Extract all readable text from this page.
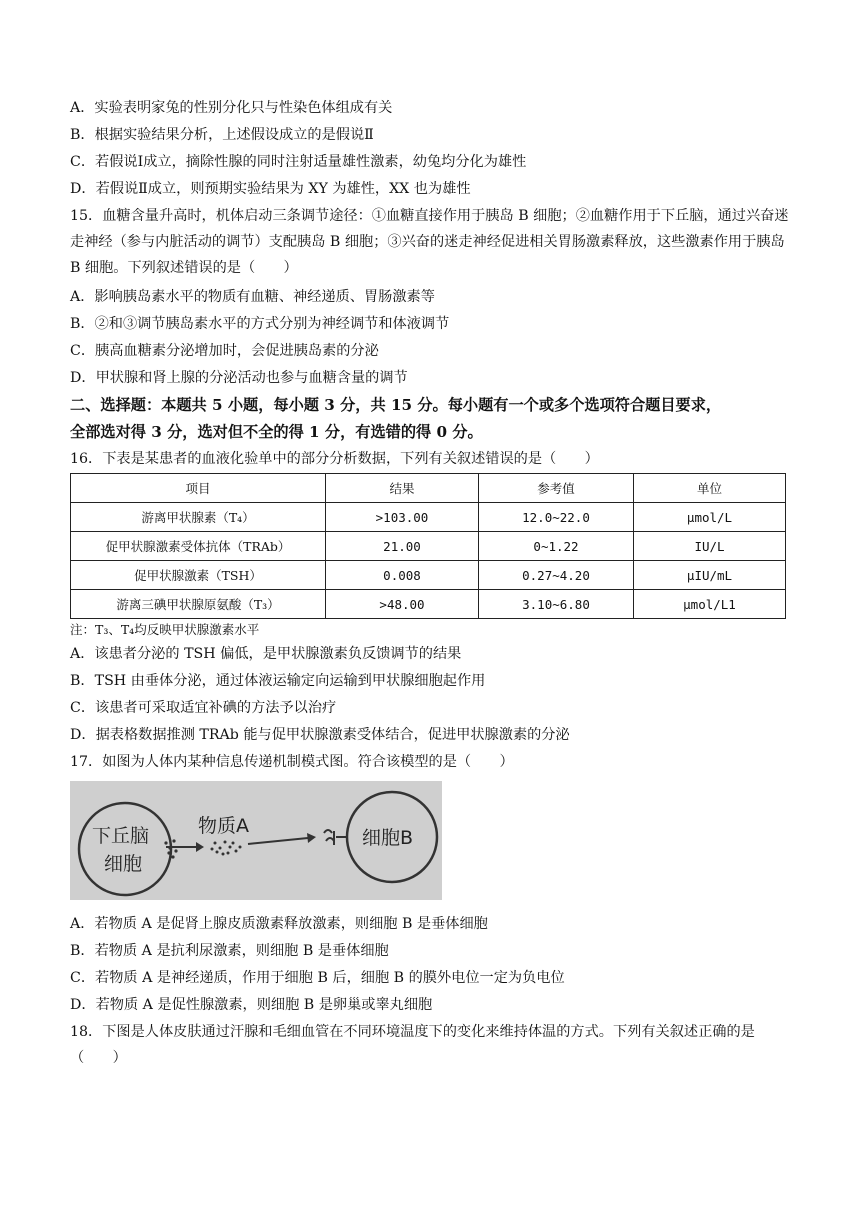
A．实验表明家兔的性别分化只与性染色体组成有关
B．根据实验结果分析，上述假设成立的是假说Ⅱ
C．若假说Ⅰ成立，摘除性腺的同时注射适量雄性激素，幼兔均分化为雄性
D．若假说Ⅱ成立，则预期实验结果为 XY 为雄性，XX 也为雄性
15．血糖含量升高时，机体启动三条调节途径：①血糖直接作用于胰岛 B 细胞；②血糖作用于下丘脑，通过兴奋迷走神经（参与内脏活动的调节）支配胰岛 B 细胞；③兴奋的迷走神经促进相关胃肠激素释放，这些激素作用于胰岛 B 细胞。下列叙述错误的是（　　）
A．影响胰岛素水平的物质有血糖、神经递质、胃肠激素等
B．②和③调节胰岛素水平的方式分别为神经调节和体液调节
C．胰高血糖素分泌增加时，会促进胰岛素的分泌
D．甲状腺和肾上腺的分泌活动也参与血糖含量的调节
二、选择题：本题共 5 小题，每小题 3 分，共 15 分。每小题有一个或多个选项符合题目要求，
全部选对得 3 分，选对但不全的得 1 分，有选错的得 0 分。
16．下表是某患者的血液化验单中的部分分析数据，下列有关叙述错误的是（　　）
项目	结果	参考值	单位
游离甲状腺素（T₄）	>103.00	12.0~22.0	μmol/L
促甲状腺激素受体抗体（TRAb）	21.00	0~1.22	IU/L
促甲状腺激素（TSH）	0.008	0.27~4.20	μIU/mL
游离三碘甲状腺原氨酸（T₃）	>48.00	3.10~6.80	μmol/L1
注：T₃、T₄均反映甲状腺激素水平
A．该患者分泌的 TSH 偏低，是甲状腺激素负反馈调节的结果
B．TSH 由垂体分泌，通过体液运输定向运输到甲状腺细胞起作用
C．该患者可采取适宜补碘的方法予以治疗
D．据表格数据推测 TRAb 能与促甲状腺激素受体结合，促进甲状腺激素的分泌
17．如图为人体内某种信息传递机制模式图。符合该模型的是（　　）
下丘脑
细胞
物质A
细胞B
A．若物质 A 是促肾上腺皮质激素释放激素，则细胞 B 是垂体细胞
B．若物质 A 是抗利尿激素，则细胞 B 是垂体细胞
C．若物质 A 是神经递质，作用于细胞 B 后，细胞 B 的膜外电位一定为负电位
D．若物质 A 是促性腺激素，则细胞 B 是卵巢或睾丸细胞
18．下图是人体皮肤通过汗腺和毛细血管在不同环境温度下的变化来维持体温的方式。下列有关叙述正确的是（　　）
